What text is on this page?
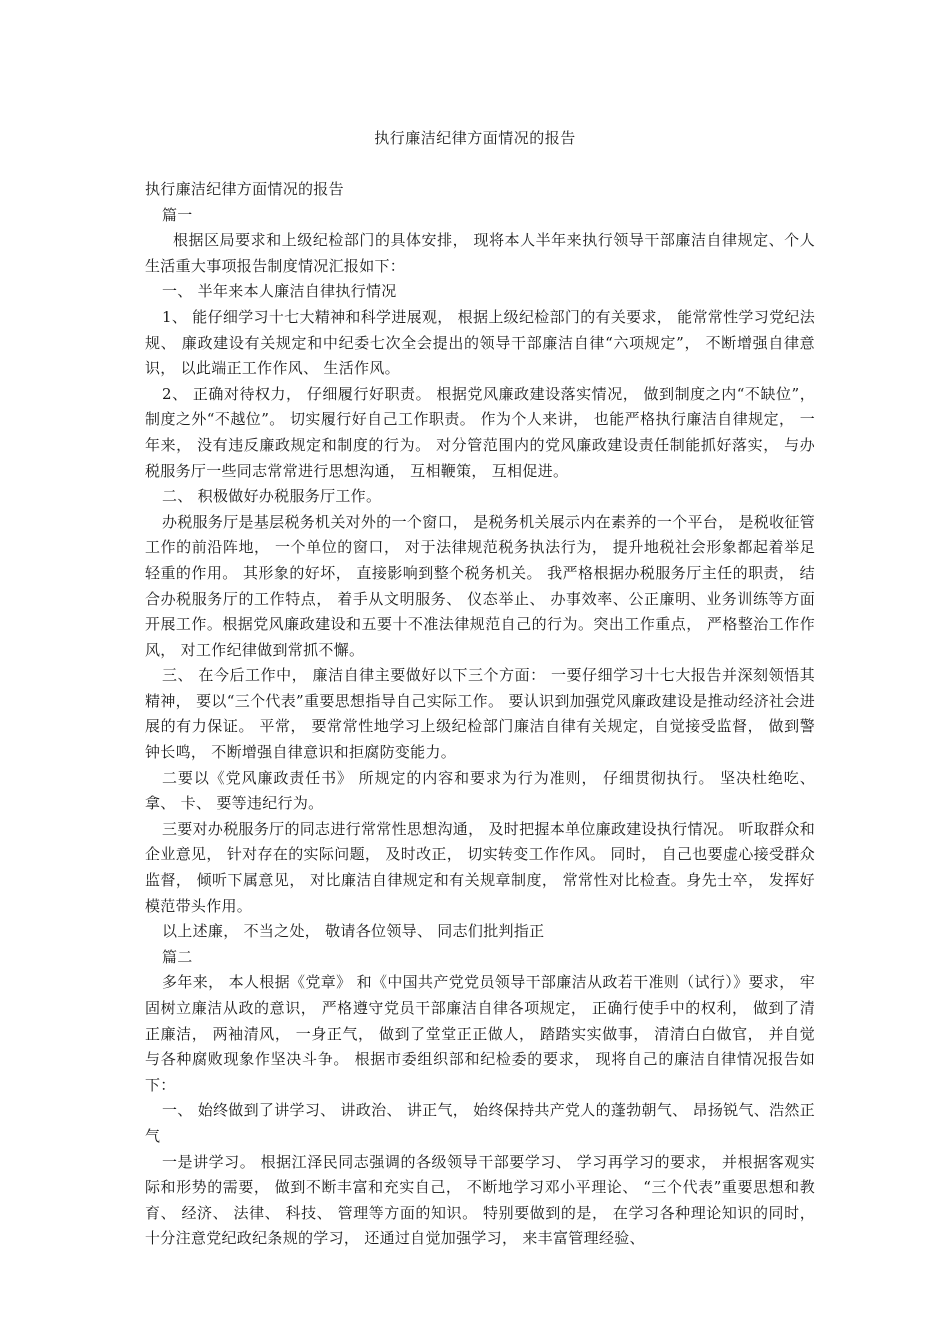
执行廉洁纪律方面情况的报告

执行廉洁纪律方面情况的报告

篇一

根据区局要求和上级纪检部门的具体安排， 现将本人半年来执行领导干部廉洁自律规定、个人生活重大事项报告制度情况汇报如下：

一、 半年来本人廉洁自律执行情况

1、 能仔细学习十七大精神和科学进展观， 根据上级纪检部门的有关要求， 能常常性学习党纪法规、 廉政建设有关规定和中纪委七次全会提出的领导干部廉洁自律“六项规定”， 不断增强自律意识， 以此端正工作作风、 生活作风。

2、 正确对待权力， 仔细履行好职责。 根据党风廉政建设落实情况， 做到制度之内“不缺位”， 制度之外“不越位”。 切实履行好自己工作职责。 作为个人来讲， 也能严格执行廉洁自律规定， 一年来， 没有违反廉政规定和制度的行为。 对分管范围内的党风廉政建设责任制能抓好落实， 与办税服务厅一些同志常常进行思想沟通， 互相鞭策， 互相促进。

二、 积极做好办税服务厅工作。

办税服务厅是基层税务机关对外的一个窗口， 是税务机关展示内在素养的一个平台， 是税收征管工作的前沿阵地， 一个单位的窗口， 对于法律规范税务执法行为， 提升地税社会形象都起着举足轻重的作用。 其形象的好坏， 直接影响到整个税务机关。 我严格根据办税服务厅主任的职责， 结合办税服务厅的工作特点， 着手从文明服务、 仪态举止、 办事效率、公正廉明、业务训练等方面开展工作。根据党风廉政建设和五要十不准法律规范自己的行为。突出工作重点， 严格整治工作作风， 对工作纪律做到常抓不懈。

三、 在今后工作中， 廉洁自律主要做好以下三个方面： 一要仔细学习十七大报告并深刻领悟其精神， 要以“三个代表”重要思想指导自己实际工作。 要认识到加强党风廉政建设是推动经济社会进展的有力保证。 平常， 要常常性地学习上级纪检部门廉洁自律有关规定，自觉接受监督， 做到警钟长鸣， 不断增强自律意识和拒腐防变能力。

二要以《党风廉政责任书》 所规定的内容和要求为行为准则， 仔细贯彻执行。 坚决杜绝吃、拿、 卡、 要等违纪行为。

三要对办税服务厅的同志进行常常性思想沟通， 及时把握本单位廉政建设执行情况。 听取群众和企业意见， 针对存在的实际问题， 及时改正， 切实转变工作作风。 同时， 自己也要虚心接受群众监督， 倾听下属意见， 对比廉洁自律规定和有关规章制度， 常常性对比检查。身先士卒， 发挥好模范带头作用。

以上述廉， 不当之处， 敬请各位领导、 同志们批判指正

篇二

多年来， 本人根据《党章》 和《中国共产党党员领导干部廉洁从政若干准则（试行）》要求， 牢固树立廉洁从政的意识， 严格遵守党员干部廉洁自律各项规定， 正确行使手中的权利， 做到了清正廉洁， 两袖清风， 一身正气， 做到了堂堂正正做人， 踏踏实实做事， 清清白白做官， 并自觉与各种腐败现象作坚决斗争。 根据市委组织部和纪检委的要求， 现将自己的廉洁自律情况报告如下：

一、 始终做到了讲学习、 讲政治、 讲正气， 始终保持共产党人的蓬勃朝气、 昂扬锐气、浩然正气

一是讲学习。 根据江泽民同志强调的各级领导干部要学习、 学习再学习的要求， 并根据客观实际和形势的需要， 做到不断丰富和充实自己， 不断地学习邓小平理论、 “三个代表”重要思想和教育、 经济、 法律、 科技、 管理等方面的知识。 特别要做到的是， 在学习各种理论知识的同时， 十分注意党纪政纪条规的学习， 还通过自觉加强学习， 来丰富管理经验、
